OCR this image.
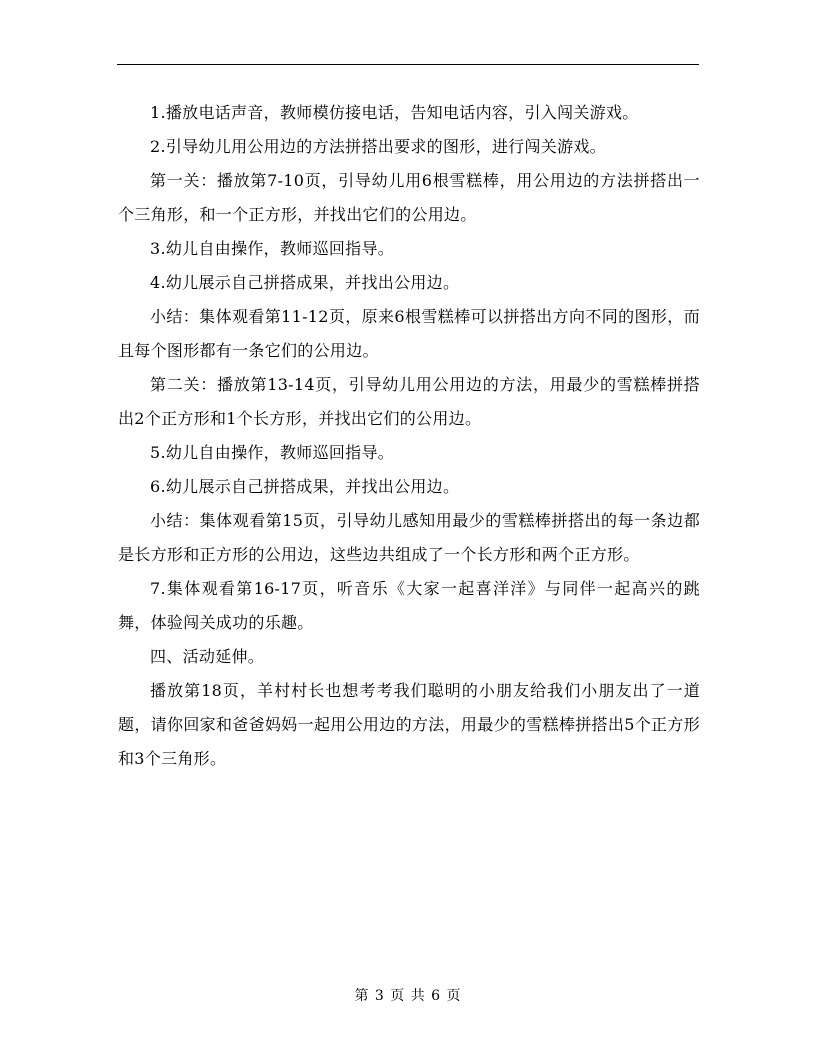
1.播放电话声音，教师模仿接电话，告知电话内容，引入闯关游戏。

2.引导幼儿用公用边的方法拼搭出要求的图形，进行闯关游戏。

第一关：播放第7-10页，引导幼儿用6根雪糕棒，用公用边的方法拼搭出一个三角形，和一个正方形，并找出它们的公用边。

3.幼儿自由操作，教师巡回指导。

4.幼儿展示自己拼搭成果，并找出公用边。

小结：集体观看第11-12页，原来6根雪糕棒可以拼搭出方向不同的图形，而且每个图形都有一条它们的公用边。

第二关：播放第13-14页，引导幼儿用公用边的方法，用最少的雪糕棒拼搭出2个正方形和1个长方形，并找出它们的公用边。

5.幼儿自由操作，教师巡回指导。

6.幼儿展示自己拼搭成果，并找出公用边。

小结：集体观看第15页，引导幼儿感知用最少的雪糕棒拼搭出的每一条边都是长方形和正方形的公用边，这些边共组成了一个长方形和两个正方形。

7.集体观看第16-17页，听音乐《大家一起喜洋洋》与同伴一起高兴的跳舞，体验闯关成功的乐趣。

四、活动延伸。

播放第18页，羊村村长也想考考我们聪明的小朋友给我们小朋友出了一道题，请你回家和爸爸妈妈一起用公用边的方法，用最少的雪糕棒拼搭出5个正方形和3个三角形。

第 3 页 共 6 页
